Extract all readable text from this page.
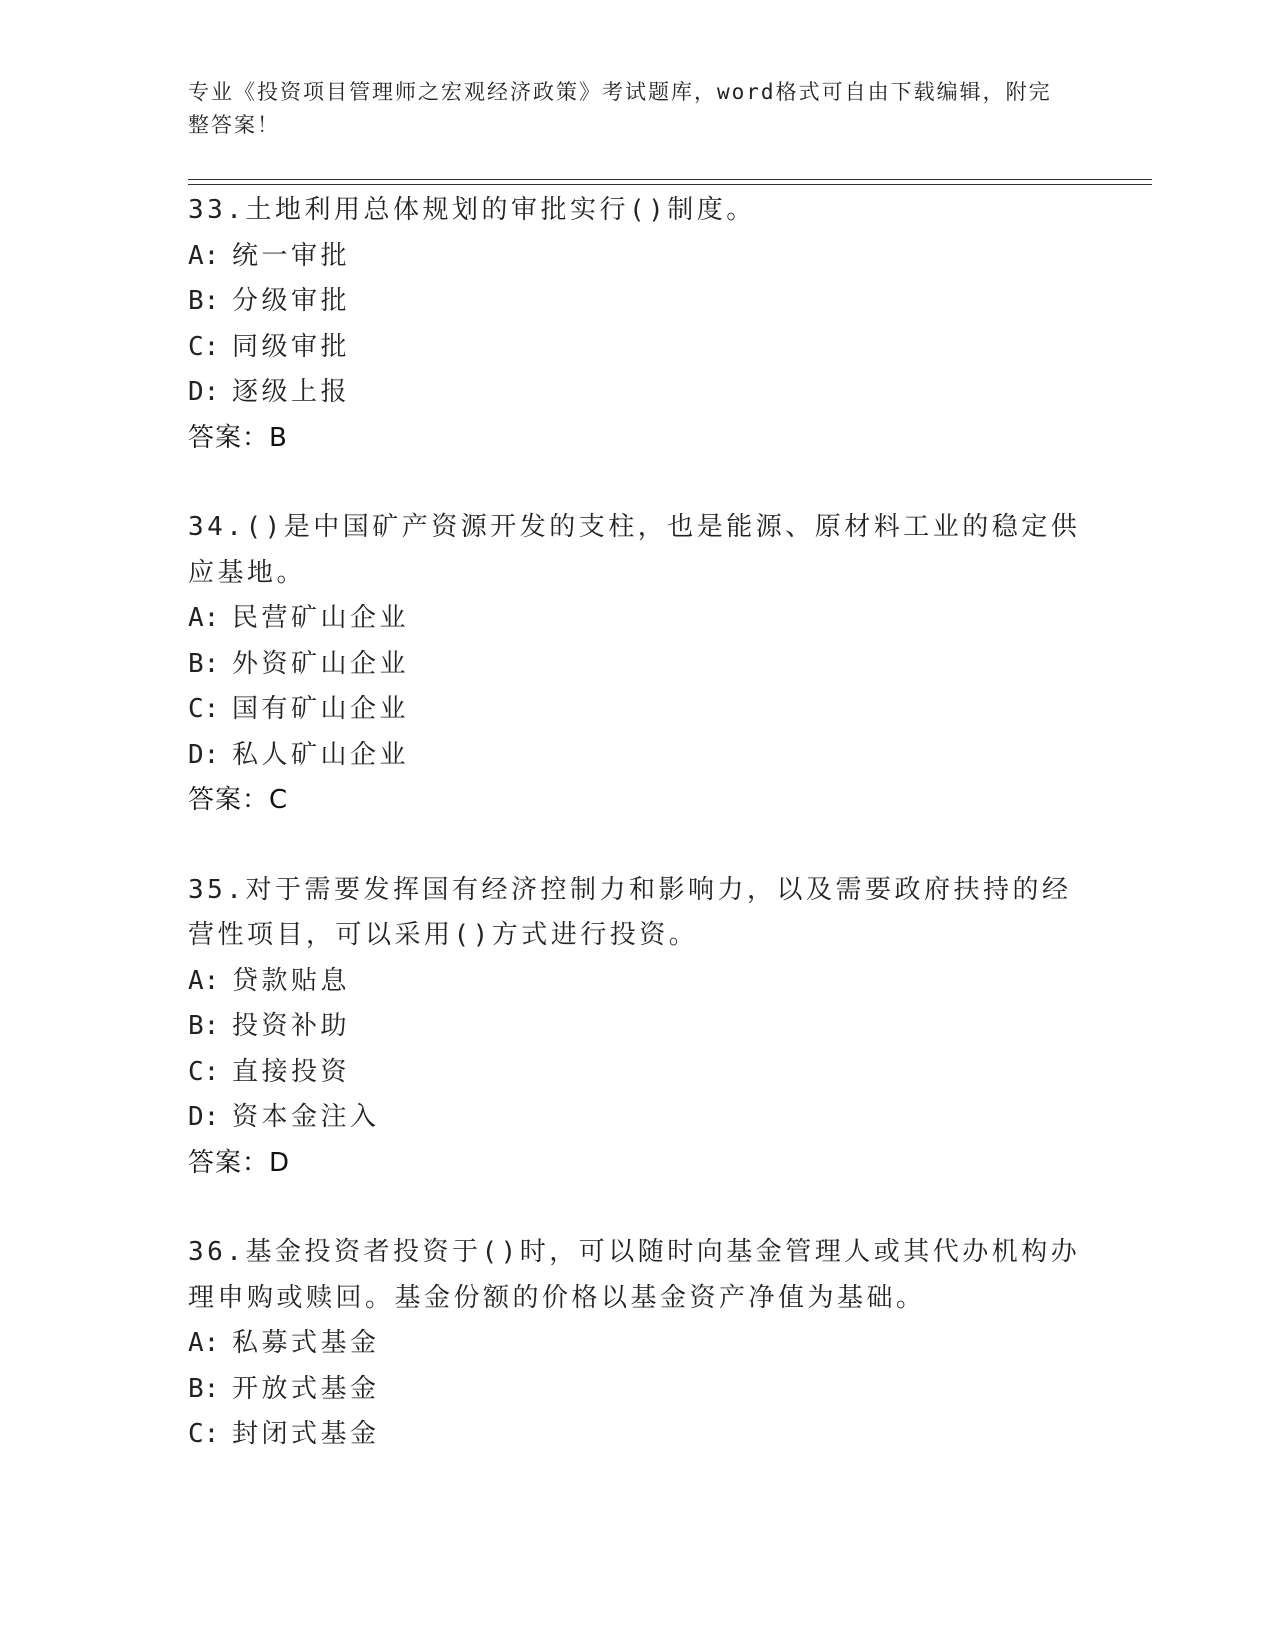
专业《投资项目管理师之宏观经济政策》考试题库，word格式可自由下载编辑，附完整答案！
33.土地利用总体规划的审批实行()制度。
A: 统一审批
B: 分级审批
C: 同级审批
D: 逐级上报
答案：B
34.()是中国矿产资源开发的支柱，也是能源、原材料工业的稳定供应基地。
A: 民营矿山企业
B: 外资矿山企业
C: 国有矿山企业
D: 私人矿山企业
答案：C
35.对于需要发挥国有经济控制力和影响力，以及需要政府扶持的经营性项目，可以采用()方式进行投资。
A: 贷款贴息
B: 投资补助
C: 直接投资
D: 资本金注入
答案：D
36.基金投资者投资于()时，可以随时向基金管理人或其代办机构办理申购或赎回。基金份额的价格以基金资产净值为基础。
A: 私募式基金
B: 开放式基金
C: 封闭式基金
